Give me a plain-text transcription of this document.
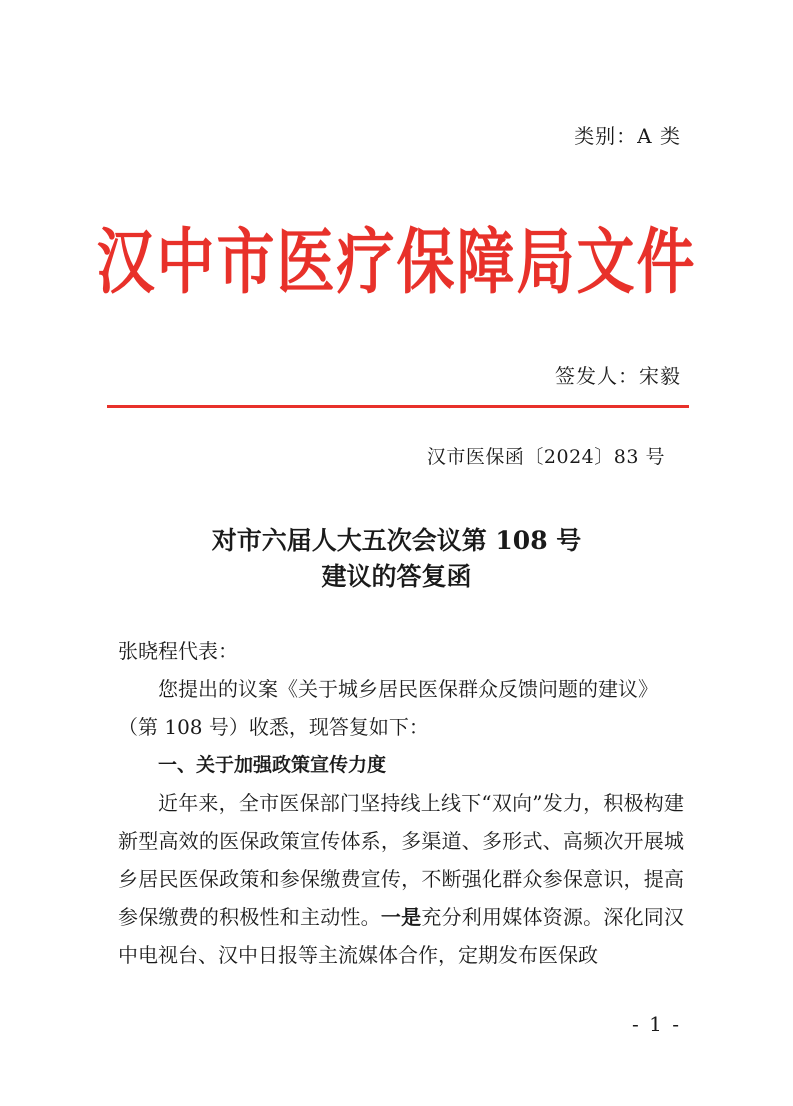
类别：A 类
汉中市医疗保障局文件
签发人：宋毅
汉市医保函〔2024〕83 号
对市六届人大五次会议第 108 号
建议的答复函

张晓程代表：

您提出的议案《关于城乡居民医保群众反馈问题的建议》

（第 108 号）收悉，现答复如下：

一、关于加强政策宣传力度

近年来，全市医保部门坚持线上线下“双向”发力，积极构建新型高效的医保政策宣传体系，多渠道、多形式、高频次开展城乡居民医保政策和参保缴费宣传，不断强化群众参保意识，提高参保缴费的积极性和主动性。一是充分利用媒体资源。深化同汉中电视台、汉中日报等主流媒体合作，定期发布医保政

- 1 -
